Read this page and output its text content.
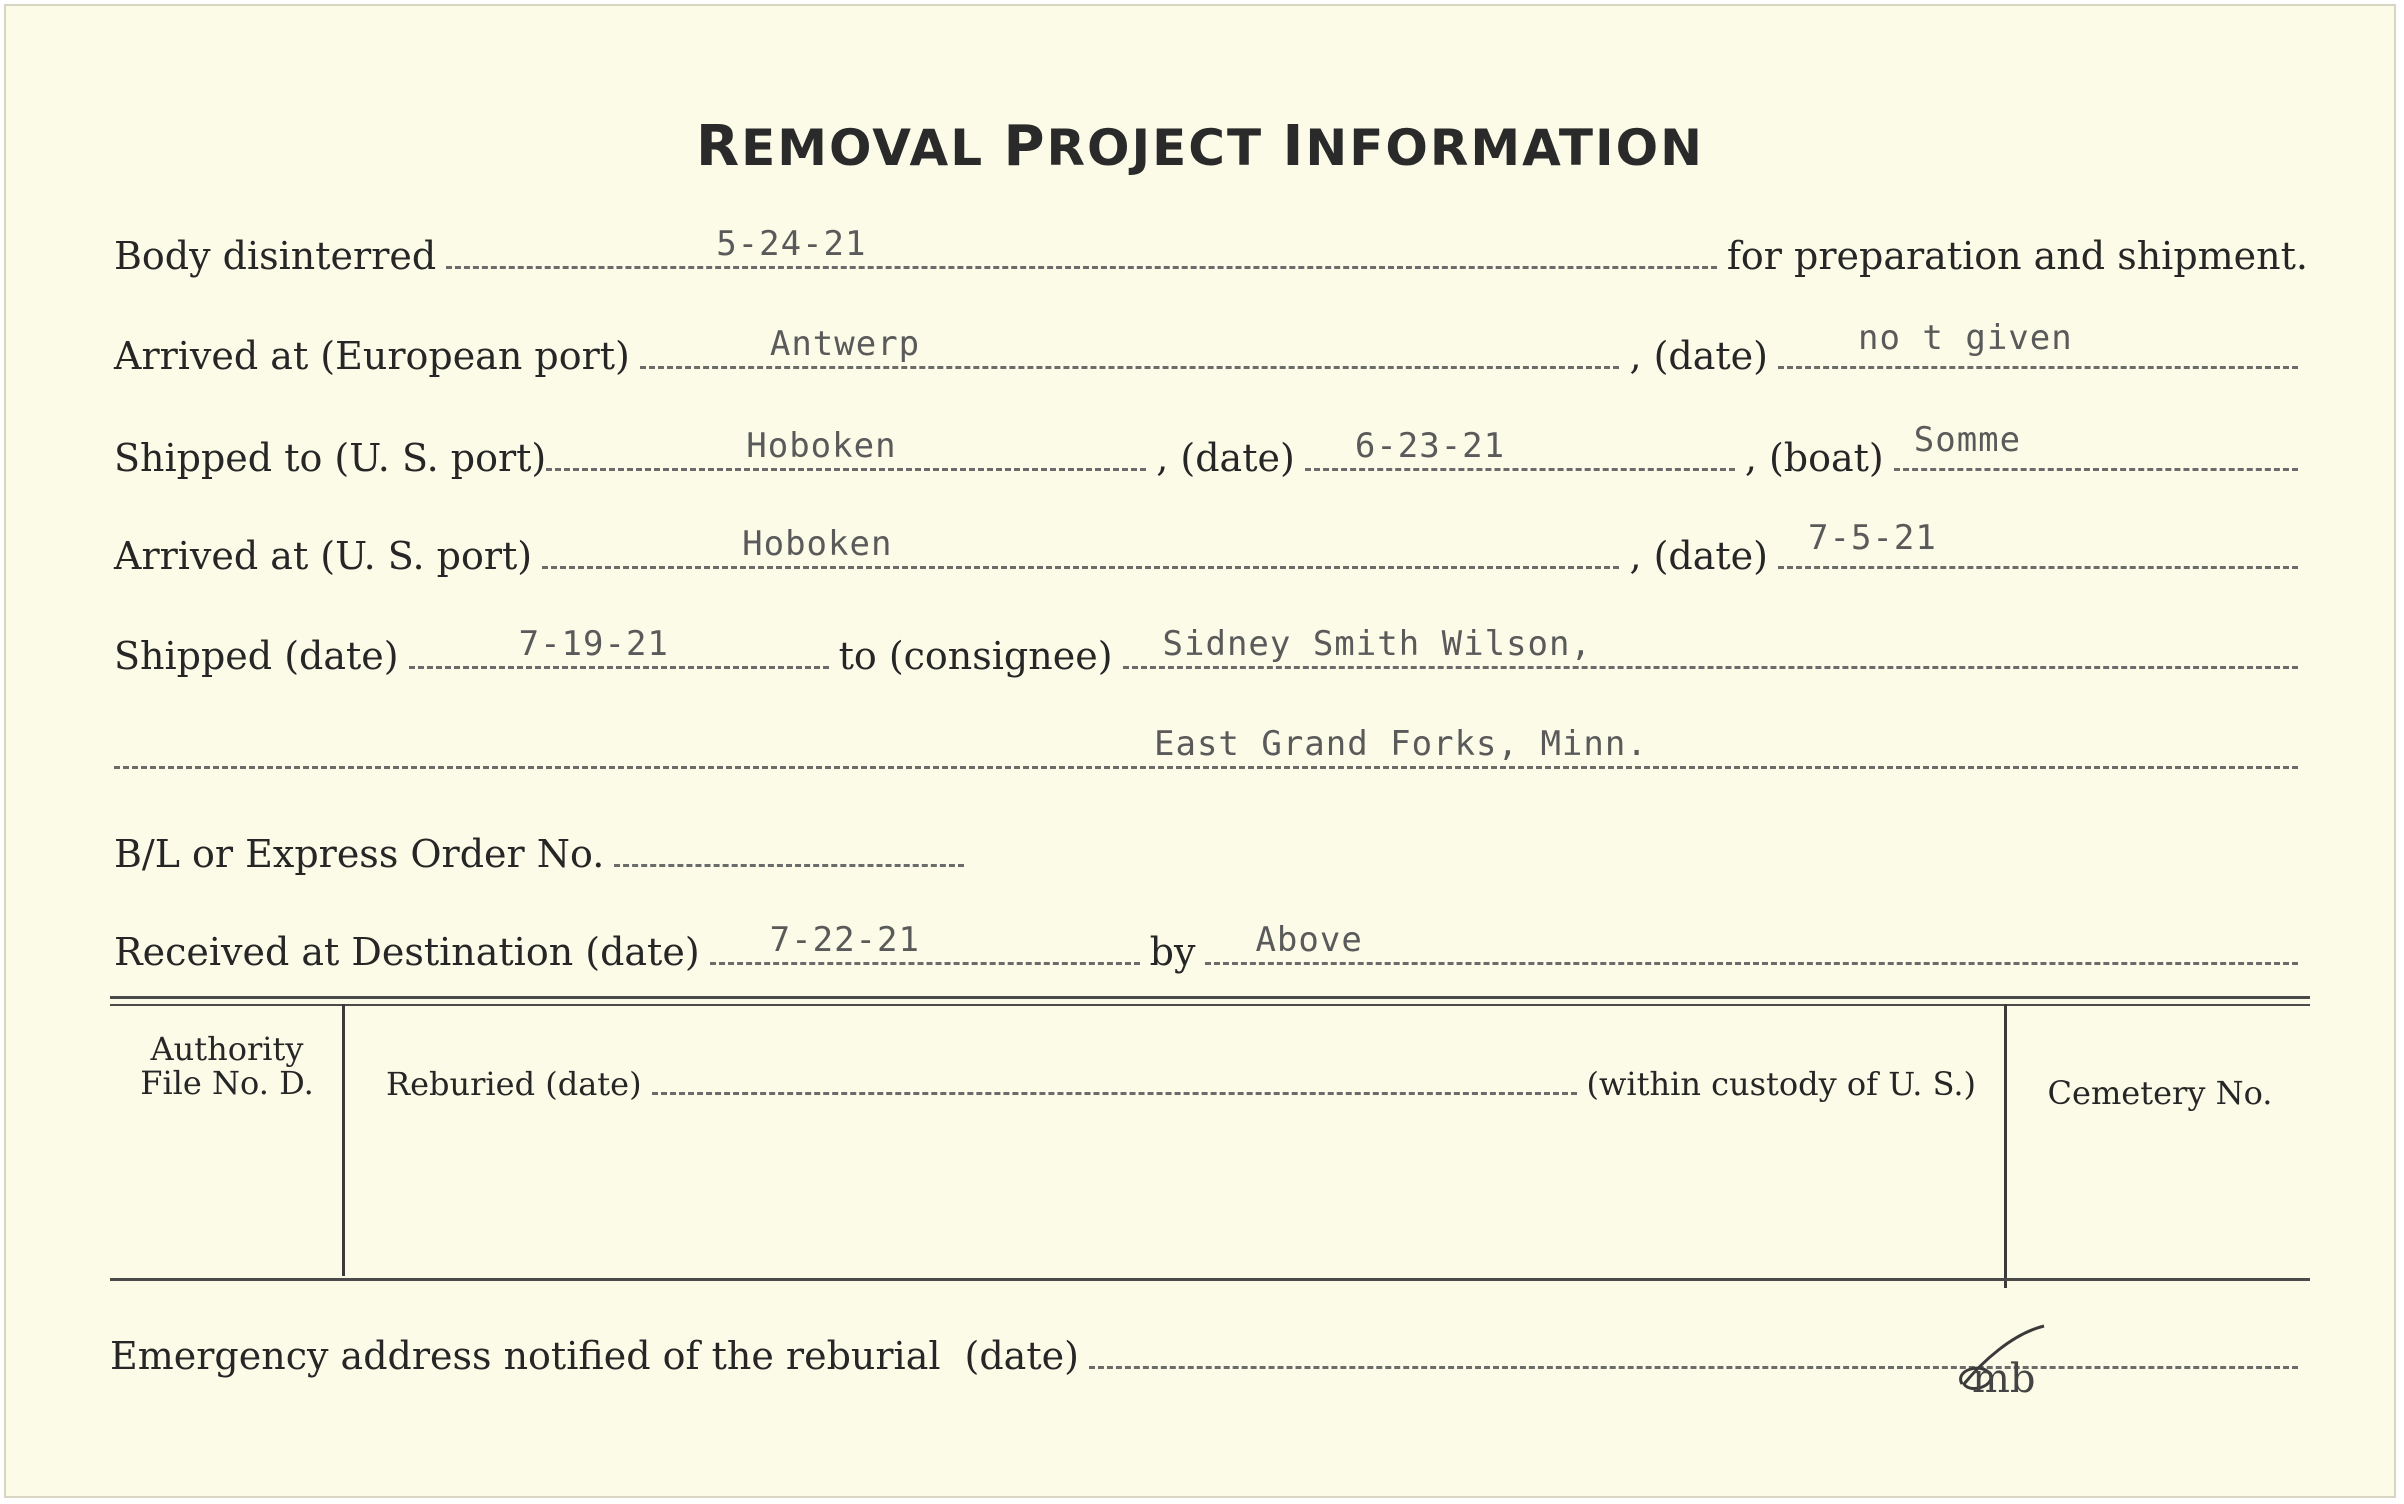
REMOVAL PROJECT INFORMATION
Body disinterred	5-24-21	for preparation and shipment.
Arrived at (European port)	Antwerp	, (date)	no t given
Shipped to (U. S. port)	Hoboken	, (date) 6-23-21	, (boat) Somme
Arrived at (U. S. port)	Hoboken	, (date) 7-5-21
Shipped (date)	7-19-21	to (consignee) Sidney Smith Wilson,
East Grand Forks, Minn.
B/L or Express Order No.
Received at Destination (date) 7-22-21	by Above
Authority
File No. D.	Reburied (date)	(within custody of U. S.)	Cemetery No.
Emergency address notified of the reburial (date)	mb
